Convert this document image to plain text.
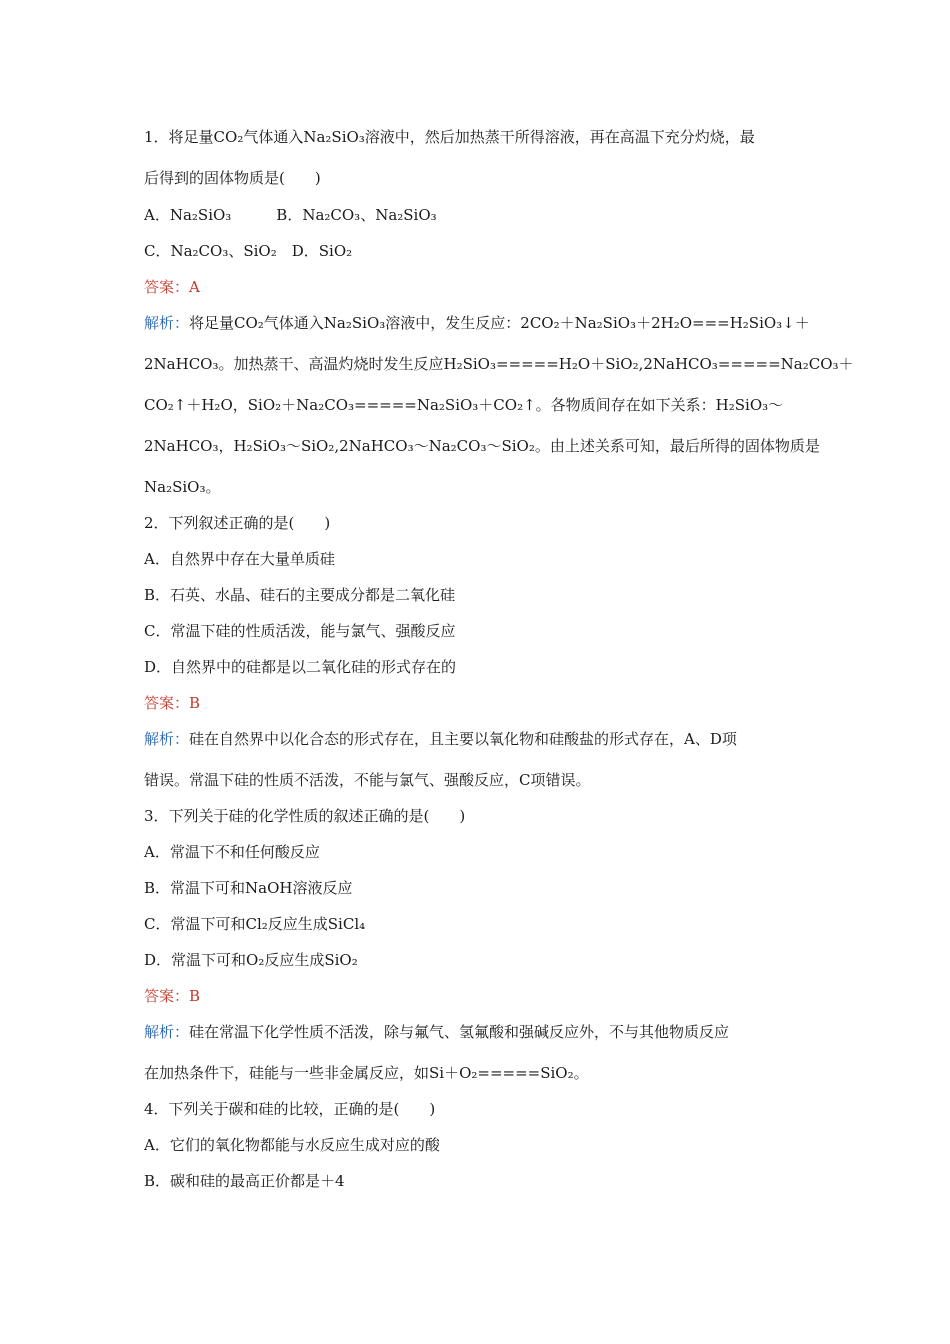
1．将足量CO₂气体通入Na₂SiO₃溶液中，然后加热蒸干所得溶液，再在高温下充分灼烧，最
后得到的固体物质是(　　)
A．Na₂SiO₃　　　B．Na₂CO₃、Na₂SiO₃
C．Na₂CO₃、SiO₂　D．SiO₂
答案：A
解析：将足量CO₂气体通入Na₂SiO₃溶液中，发生反应：2CO₂＋Na₂SiO₃＋2H₂O===H₂SiO₃↓＋
2NaHCO₃。加热蒸干、高温灼烧时发生反应H₂SiO₃=====H₂O＋SiO₂,2NaHCO₃=====Na₂CO₃＋
CO₂↑＋H₂O，SiO₂＋Na₂CO₃=====Na₂SiO₃＋CO₂↑。各物质间存在如下关系：H₂SiO₃～
2NaHCO₃，H₂SiO₃～SiO₂,2NaHCO₃～Na₂CO₃～SiO₂。由上述关系可知，最后所得的固体物质是
Na₂SiO₃。
2．下列叙述正确的是(　　)
A．自然界中存在大量单质硅
B．石英、水晶、硅石的主要成分都是二氧化硅
C．常温下硅的性质活泼，能与氯气、强酸反应
D．自然界中的硅都是以二氧化硅的形式存在的
答案：B
解析：硅在自然界中以化合态的形式存在，且主要以氧化物和硅酸盐的形式存在，A、D项
错误。常温下硅的性质不活泼，不能与氯气、强酸反应，C项错误。
3．下列关于硅的化学性质的叙述正确的是(　　)
A．常温下不和任何酸反应
B．常温下可和NaOH溶液反应
C．常温下可和Cl₂反应生成SiCl₄
D．常温下可和O₂反应生成SiO₂
答案：B
解析：硅在常温下化学性质不活泼，除与氟气、氢氟酸和强碱反应外，不与其他物质反应
在加热条件下，硅能与一些非金属反应，如Si＋O₂=====SiO₂。
4．下列关于碳和硅的比较，正确的是(　　)
A．它们的氧化物都能与水反应生成对应的酸
B．碳和硅的最高正价都是＋4
